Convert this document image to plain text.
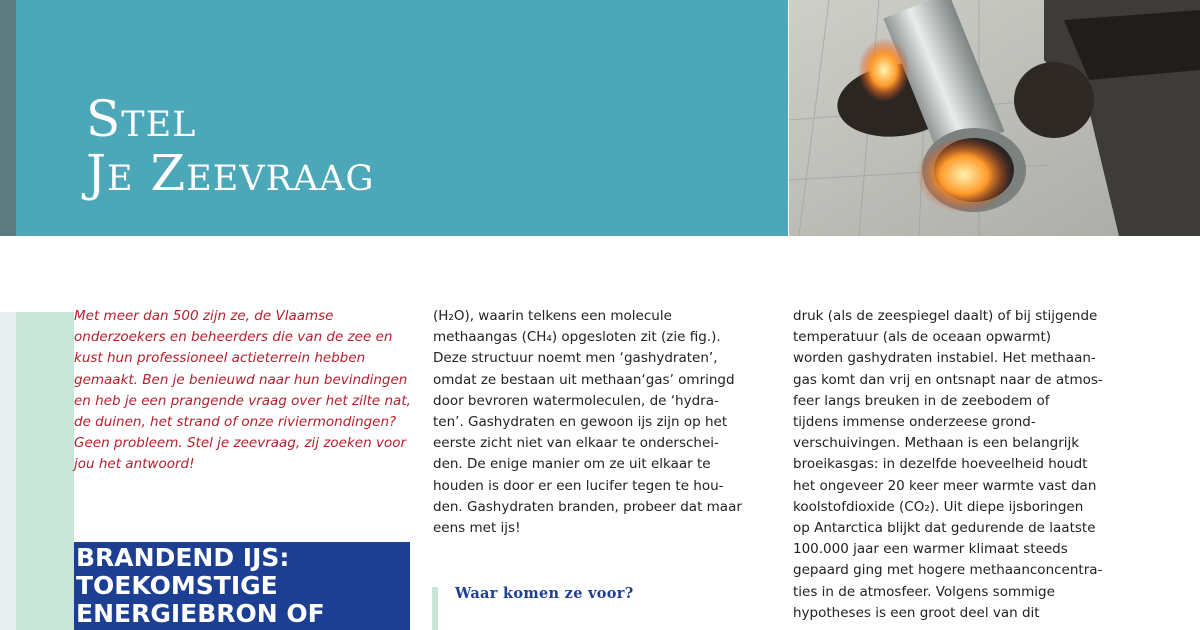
Stel
Je Zeevraag

Met meer dan 500 zijn ze, de Vlaamse onderzoekers en beheerders die van de zee en kust hun professioneel actieterrein hebben gemaakt. Ben je benieuwd naar hun bevindingen en heb je een prangende vraag over het zilte nat, de duinen, het strand of onze riviermondingen? Geen probleem. Stel je zeevraag, zij zoeken voor jou het antwoord!

BRANDEND IJS:
TOEKOMSTIGE
ENERGIEBRON OF
(H₂O), waarin telkens een molecule
methaangas (CH₄) opgesloten zit (zie fig.).
Deze structuur noemt men ‘gashydraten’,
omdat ze bestaan uit methaan‘gas’ omringd
door bevroren watermoleculen, de ‘hydra-
ten’. Gashydraten en gewoon ijs zijn op het
eerste zicht niet van elkaar te onderschei-
den. De enige manier om ze uit elkaar te
houden is door er een lucifer tegen te hou-
den. Gashydraten branden, probeer dat maar
eens met ijs!
Waar komen ze voor?
druk (als de zeespiegel daalt) of bij stijgende
temperatuur (als de oceaan opwarmt)
worden gashydraten instabiel. Het methaan-
gas komt dan vrij en ontsnapt naar de atmos-
feer langs breuken in de zeebodem of
tijdens immense onderzeese grond-
verschuivingen. Methaan is een belangrijk
broeikasgas: in dezelfde hoeveelheid houdt
het ongeveer 20 keer meer warmte vast dan
koolstofdioxide (CO₂). Uit diepe ijsboringen
op Antarctica blijkt dat gedurende de laatste
100.000 jaar een warmer klimaat steeds
gepaard ging met hogere methaanconcentra-
ties in de atmosfeer. Volgens sommige
hypotheses is een groot deel van dit
